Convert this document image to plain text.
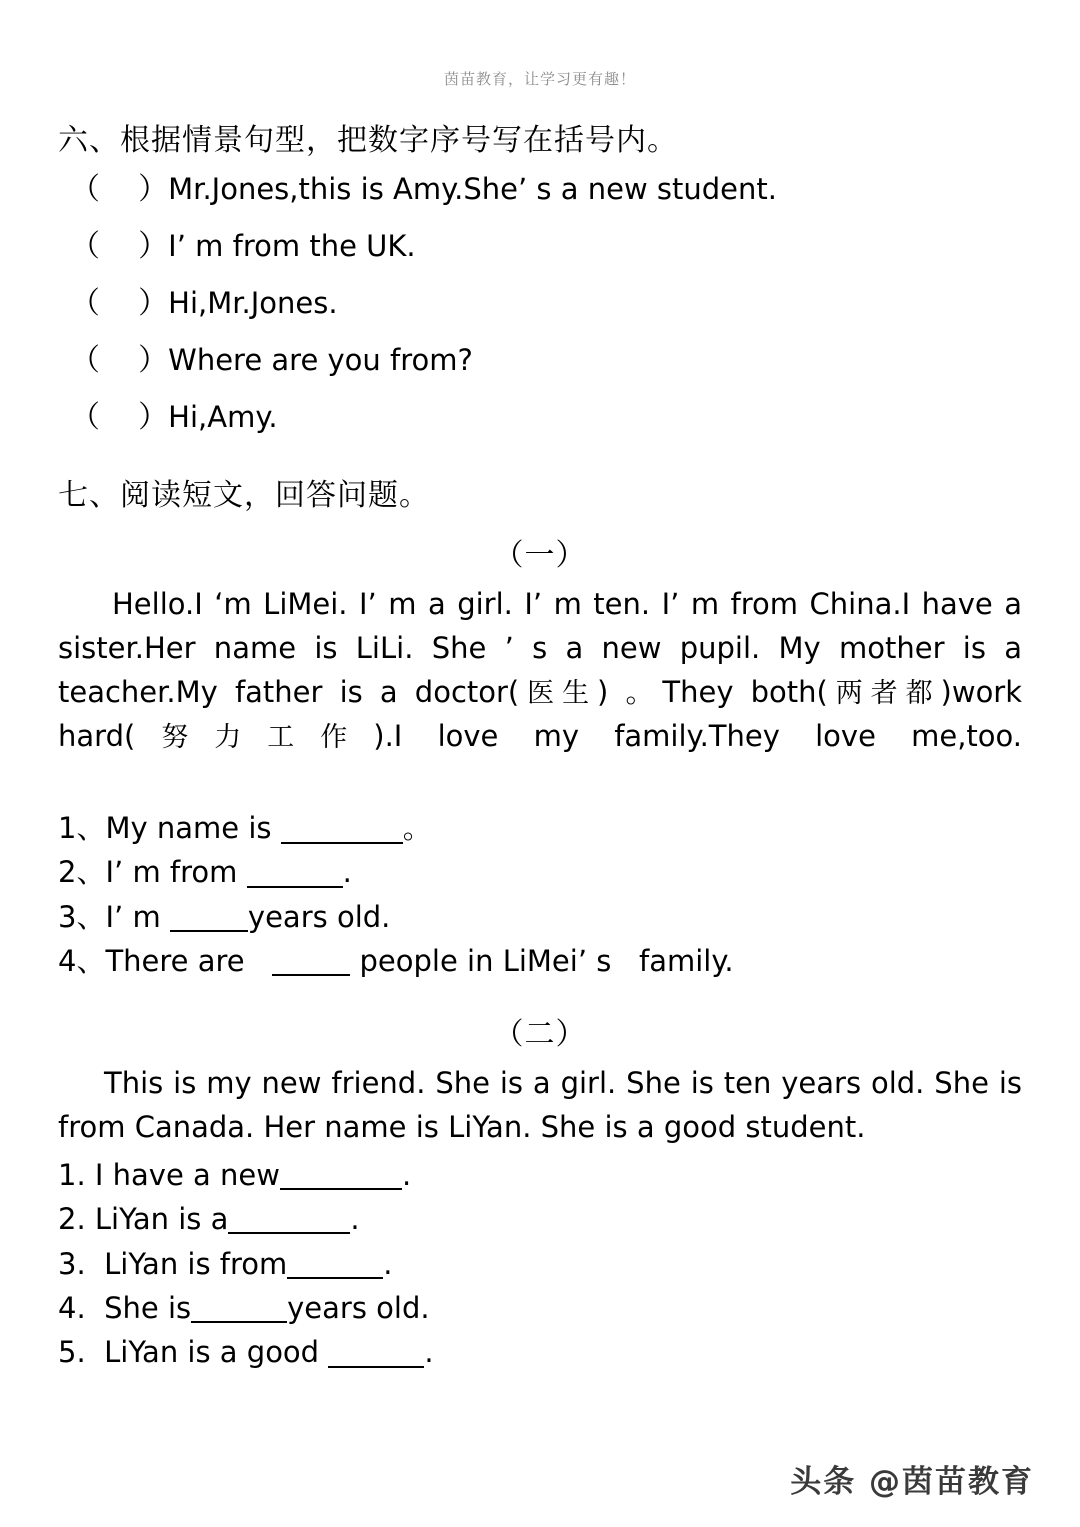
茵苗教育，让学习更有趣！
六、根据情景句型，把数字序号写在括号内。
（    ）Mr.Jones,this is Amy.She’ s a new student.
（    ）I’ m from the UK.
（    ）Hi,Mr.Jones.
（    ）Where are you from?
（    ）Hi,Amy.
七、阅读短文，回答问题。
（一）

Hello.I ‘m LiMei. I’ m a girl. I’ m ten. I’ m from China.I have a sister.Her name is LiLi. She ’ s a new pupil. My mother is a teacher.My father is a doctor(医生) 。They both(两者都)work hard(努力工作).I love my family.They love me,too.

1、My name is	。
2、I’ m from	.
3、I’ m	years old.
4、There are	people in LiMei’ s   family.
（二）

This is my new friend. She is a girl. She is ten years old. She is from Canada. Her name is LiYan. She is a good student.

1. I have a new	.
2. LiYan is a	.
3.  LiYan is from	.
4.  She is	years old.
5.  LiYan is a good	.
头条 @茵苗教育
